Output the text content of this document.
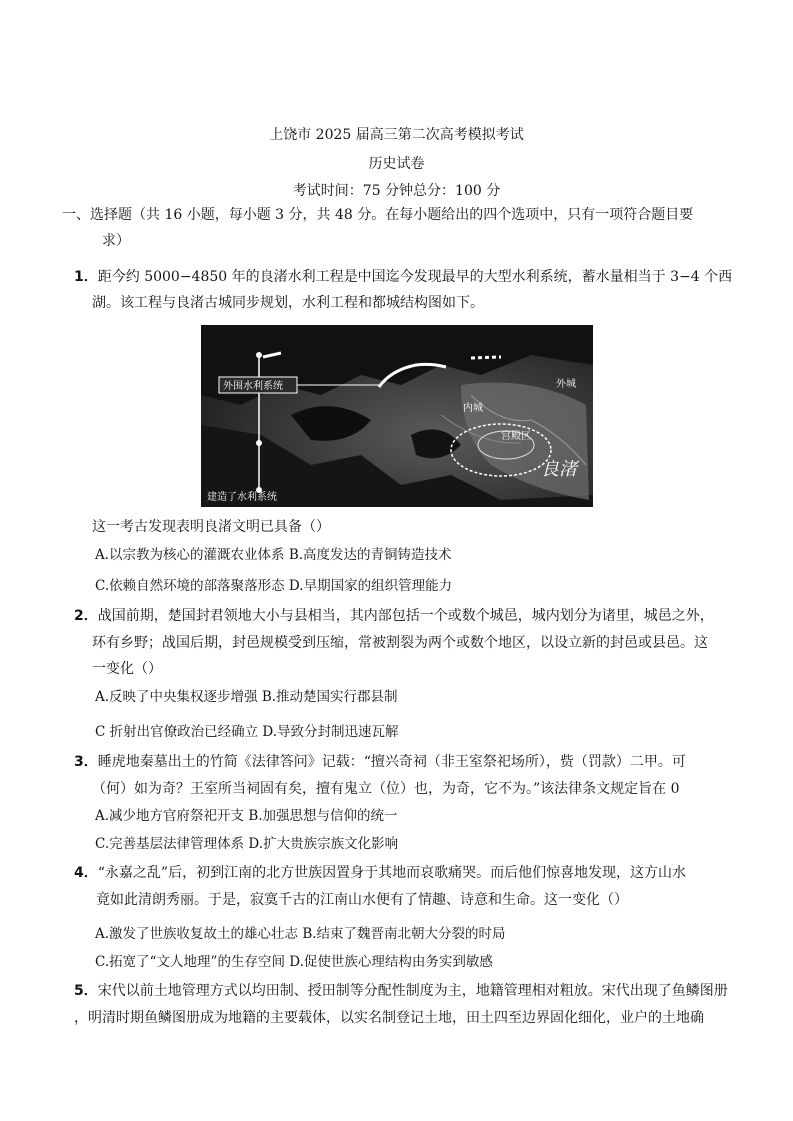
上饶市 2025 届高三第二次高考模拟考试
历史试卷
考试时间：75 分钟总分：100 分
一、选择题（共 16 小题，每小题 3 分，共 48 分。在每小题给出的四个选项中，只有一项符合题目要
求）
1．距今约 5000−4850 年的良渚水利工程是中国迄今发现最早的大型水利系统，蓄水量相当于 3−4 个西
湖。该工程与良渚古城同步规划，水利工程和都城结构图如下。
外围水利系统
建造了水利系统
外城
内城
宫殿区
良渚
这一考古发现表明良渚文明已具备（）
A.以宗教为核心的灌溉农业体系 B.高度发达的青铜铸造技术
C.依赖自然环境的部落聚落形态 D.早期国家的组织管理能力
2．战国前期，楚国封君领地大小与县相当，其内部包括一个或数个城邑，城内划分为诸里，城邑之外，
环有乡野；战国后期，封邑规模受到压缩，常被割裂为两个或数个地区，以设立新的封邑或县邑。这
一变化（）
A.反映了中央集权逐步增强 B.推动楚国实行郡县制
C 折射出官僚政治已经确立 D.导致分封制迅速瓦解
3．睡虎地秦墓出土的竹简《法律答问》记载：“擅兴奇祠（非王室祭祀场所），赀（罚款）二甲。可
（何）如为奇？王室所当祠固有矣，擅有鬼立（位）也，为奇，它不为。”该法律条文规定旨在 0
A.减少地方官府祭祀开支 B.加强思想与信仰的统一
C.完善基层法律管理体系 D.扩大贵族宗族文化影响
4．“永嘉之乱”后，初到江南的北方世族因置身于其地而哀歌痛哭。而后他们惊喜地发现，这方山水
竟如此清朗秀丽。于是，寂寞千古的江南山水便有了情趣、诗意和生命。这一变化（）
A.激发了世族收复故土的雄心壮志 B.结束了魏晋南北朝大分裂的时局
C.拓宽了“文人地理”的生存空间 D.促使世族心理结构由务实到敏感
5．宋代以前土地管理方式以均田制、授田制等分配性制度为主，地籍管理相对粗放。宋代出现了鱼鳞图册
，明清时期鱼鳞图册成为地籍的主要载体，以实名制登记土地，田土四至边界固化细化，业户的土地确
